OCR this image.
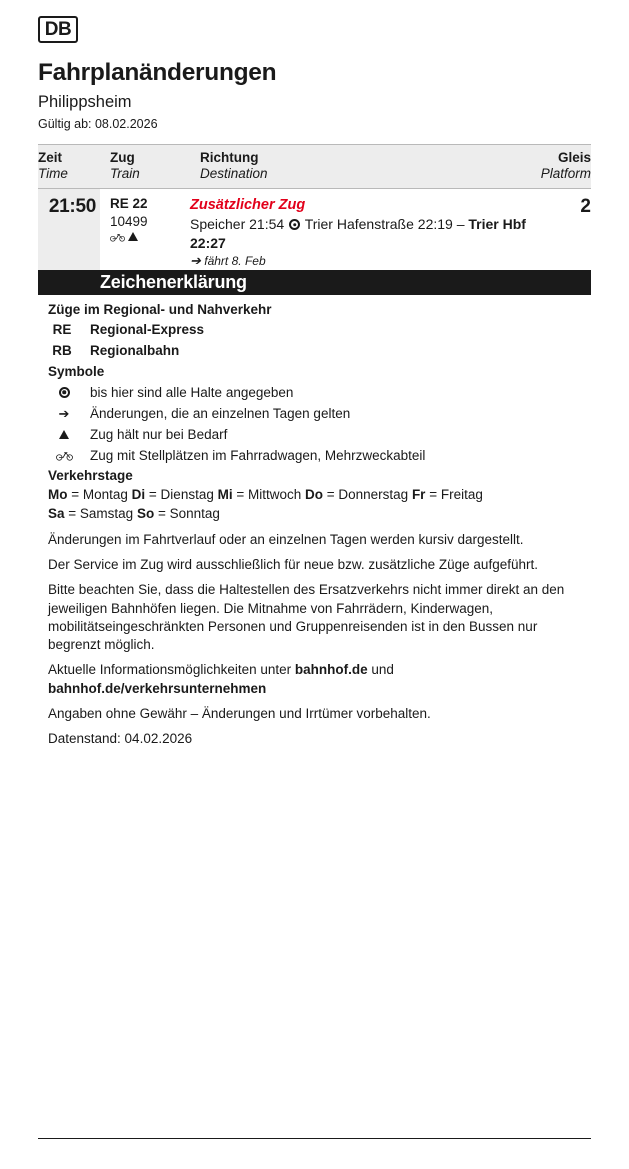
DB
Fahrplanänderungen
Philippsheim
Gültig ab: 08.02.2026
Zeit
Time
Zug
Train
Richtung
Destination
Gleis
Platform
21:50 RE 22
10499
Zusätzlicher Zug
Speicher 21:54  Trier Hafenstraße 22:19 – Trier Hbf 22:27
➔ fährt 8. Feb
2
Zeichenerklärung
Züge im Regional- und Nahverkehr
RE	Regional-Express
RB	Regionalbahn
Symbole
bis hier sind alle Halte angegeben
➔ Änderungen, die an einzelnen Tagen gelten
Zug hält nur bei Bedarf
Zug mit Stellplätzen im Fahrradwagen, Mehrzweckabteil
Verkehrstage
Mo = Montag Di = Dienstag Mi = Mittwoch Do = Donnerstag Fr = Freitag
Sa = Samstag So = Sonntag
Änderungen im Fahrtverlauf oder an einzelnen Tagen werden kursiv dargestellt.
Der Service im Zug wird ausschließlich für neue bzw. zusätzliche Züge aufgeführt.
Bitte beachten Sie, dass die Haltestellen des Ersatzverkehrs nicht immer direkt an den jeweiligen Bahnhöfen liegen. Die Mitnahme von Fahrrädern, Kinderwagen, mobilitätseingeschränkten Personen und Gruppenreisenden ist in den Bussen nur begrenzt möglich.
Aktuelle Informationsmöglichkeiten unter bahnhof.de und
bahnhof.de/verkehrsunternehmen
Angaben ohne Gewähr – Änderungen und Irrtümer vorbehalten.
Datenstand: 04.02.2026
